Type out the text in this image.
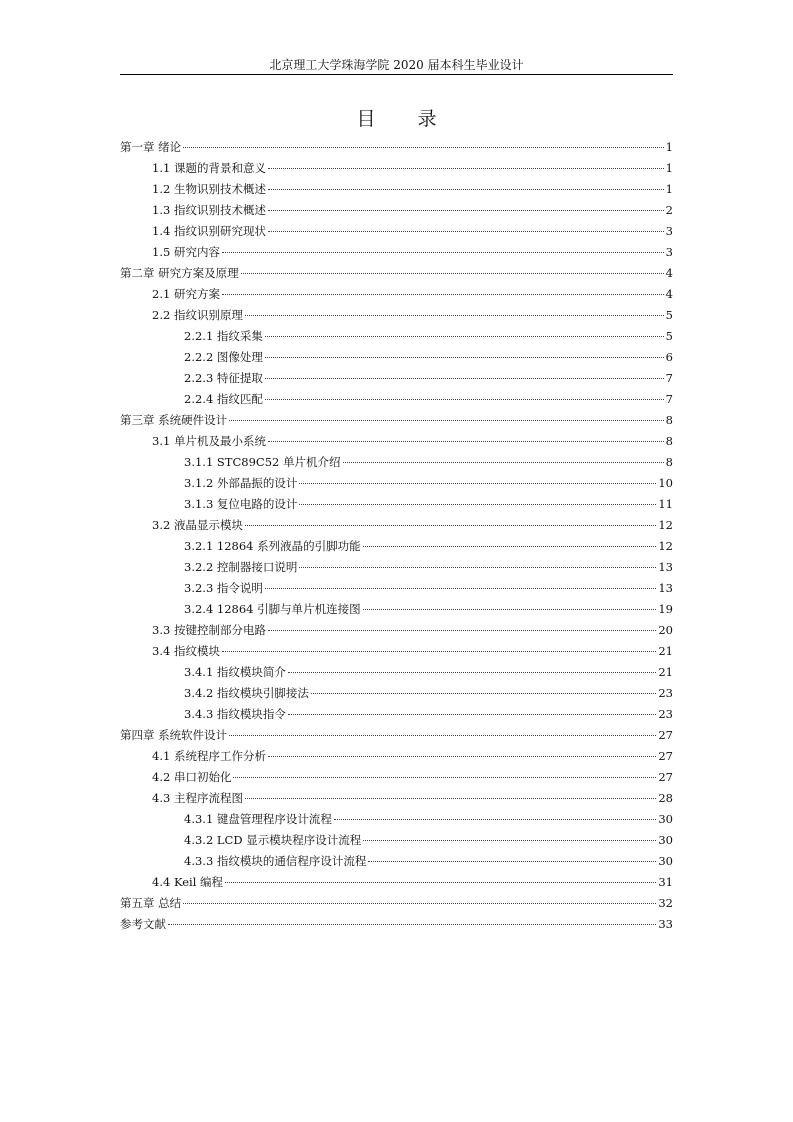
北京理工大学珠海学院 2020 届本科生毕业设计
目 录
第一章 绪论	1
1.1 课题的背景和意义	1
1.2 生物识别技术概述	1
1.3 指纹识别技术概述	2
1.4 指纹识别研究现状	3
1.5 研究内容	3
第二章 研究方案及原理	4
2.1 研究方案	4
2.2 指纹识别原理	5
2.2.1 指纹采集	5
2.2.2 图像处理	6
2.2.3 特征提取	7
2.2.4 指纹匹配	7
第三章 系统硬件设计	8
3.1 单片机及最小系统	8
3.1.1 STC89C52 单片机介绍	8
3.1.2 外部晶振的设计	10
3.1.3 复位电路的设计	11
3.2 液晶显示模块	12
3.2.1 12864 系列液晶的引脚功能	12
3.2.2 控制器接口说明	13
3.2.3 指令说明	13
3.2.4 12864 引脚与单片机连接图	19
3.3 按键控制部分电路	20
3.4 指纹模块	21
3.4.1 指纹模块简介	21
3.4.2 指纹模块引脚接法	23
3.4.3 指纹模块指令	23
第四章 系统软件设计	27
4.1 系统程序工作分析	27
4.2 串口初始化	27
4.3 主程序流程图	28
4.3.1 键盘管理程序设计流程	30
4.3.2 LCD 显示模块程序设计流程	30
4.3.3 指纹模块的通信程序设计流程	30
4.4 Keil 编程	31
第五章 总结	32
参考文献	33
